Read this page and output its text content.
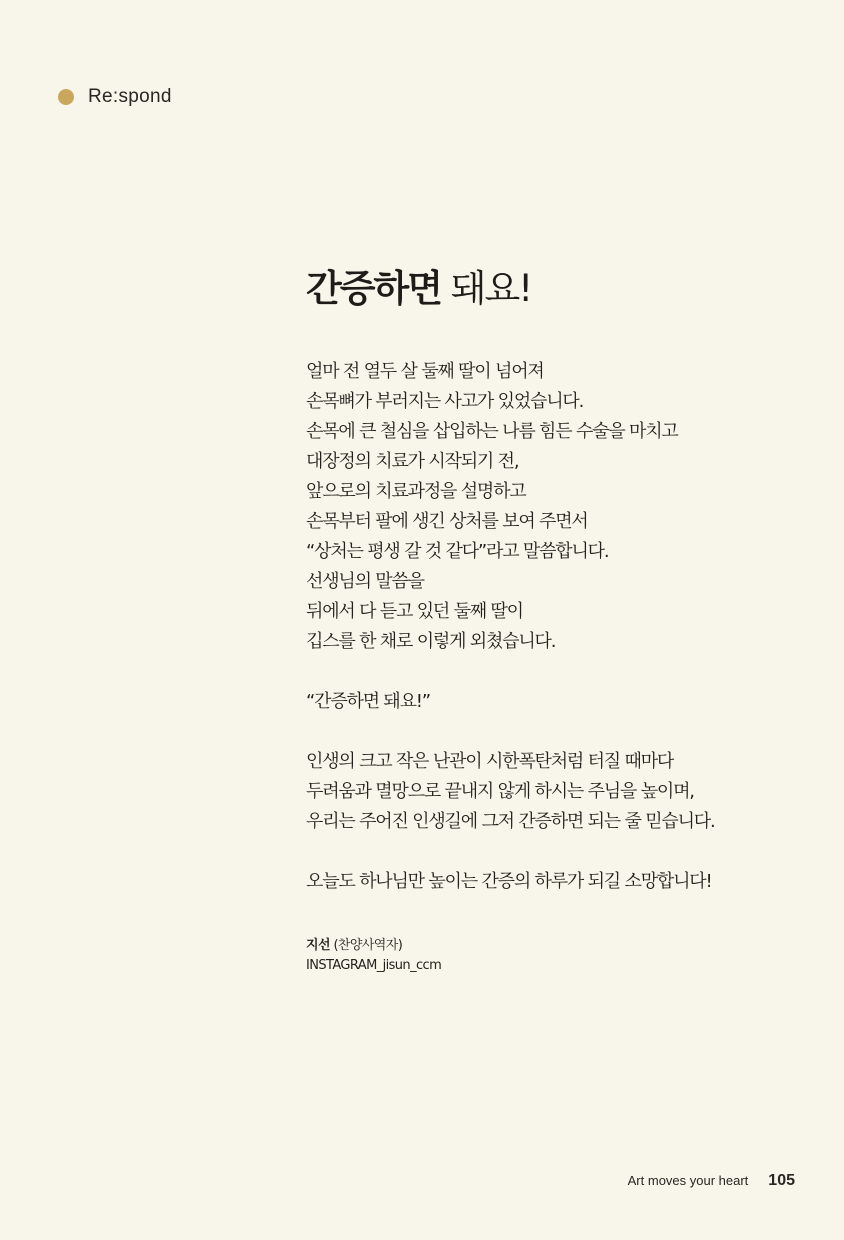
Re:spond
간증하면 돼요!
얼마 전 열두 살 둘째 딸이 넘어져
손목뼈가 부러지는 사고가 있었습니다.
손목에 큰 철심을 삽입하는 나름 힘든 수술을 마치고
대장정의 치료가 시작되기 전,
앞으로의 치료과정을 설명하고
손목부터 팔에 생긴 상처를 보여 주면서
“상처는 평생 갈 것 같다”라고 말씀합니다.
선생님의 말씀을
뒤에서 다 듣고 있던 둘째 딸이
깁스를 한 채로 이렇게 외쳤습니다.
“간증하면 돼요!”
인생의 크고 작은 난관이 시한폭탄처럼 터질 때마다
두려움과 멸망으로 끝내지 않게 하시는 주님을 높이며,
우리는 주어진 인생길에 그저 간증하면 되는 줄 믿습니다.
오늘도 하나님만 높이는 간증의 하루가 되길 소망합니다!
지선 (찬양사역자)
INSTAGRAM_jisun_ccm
Art moves your heart 105
